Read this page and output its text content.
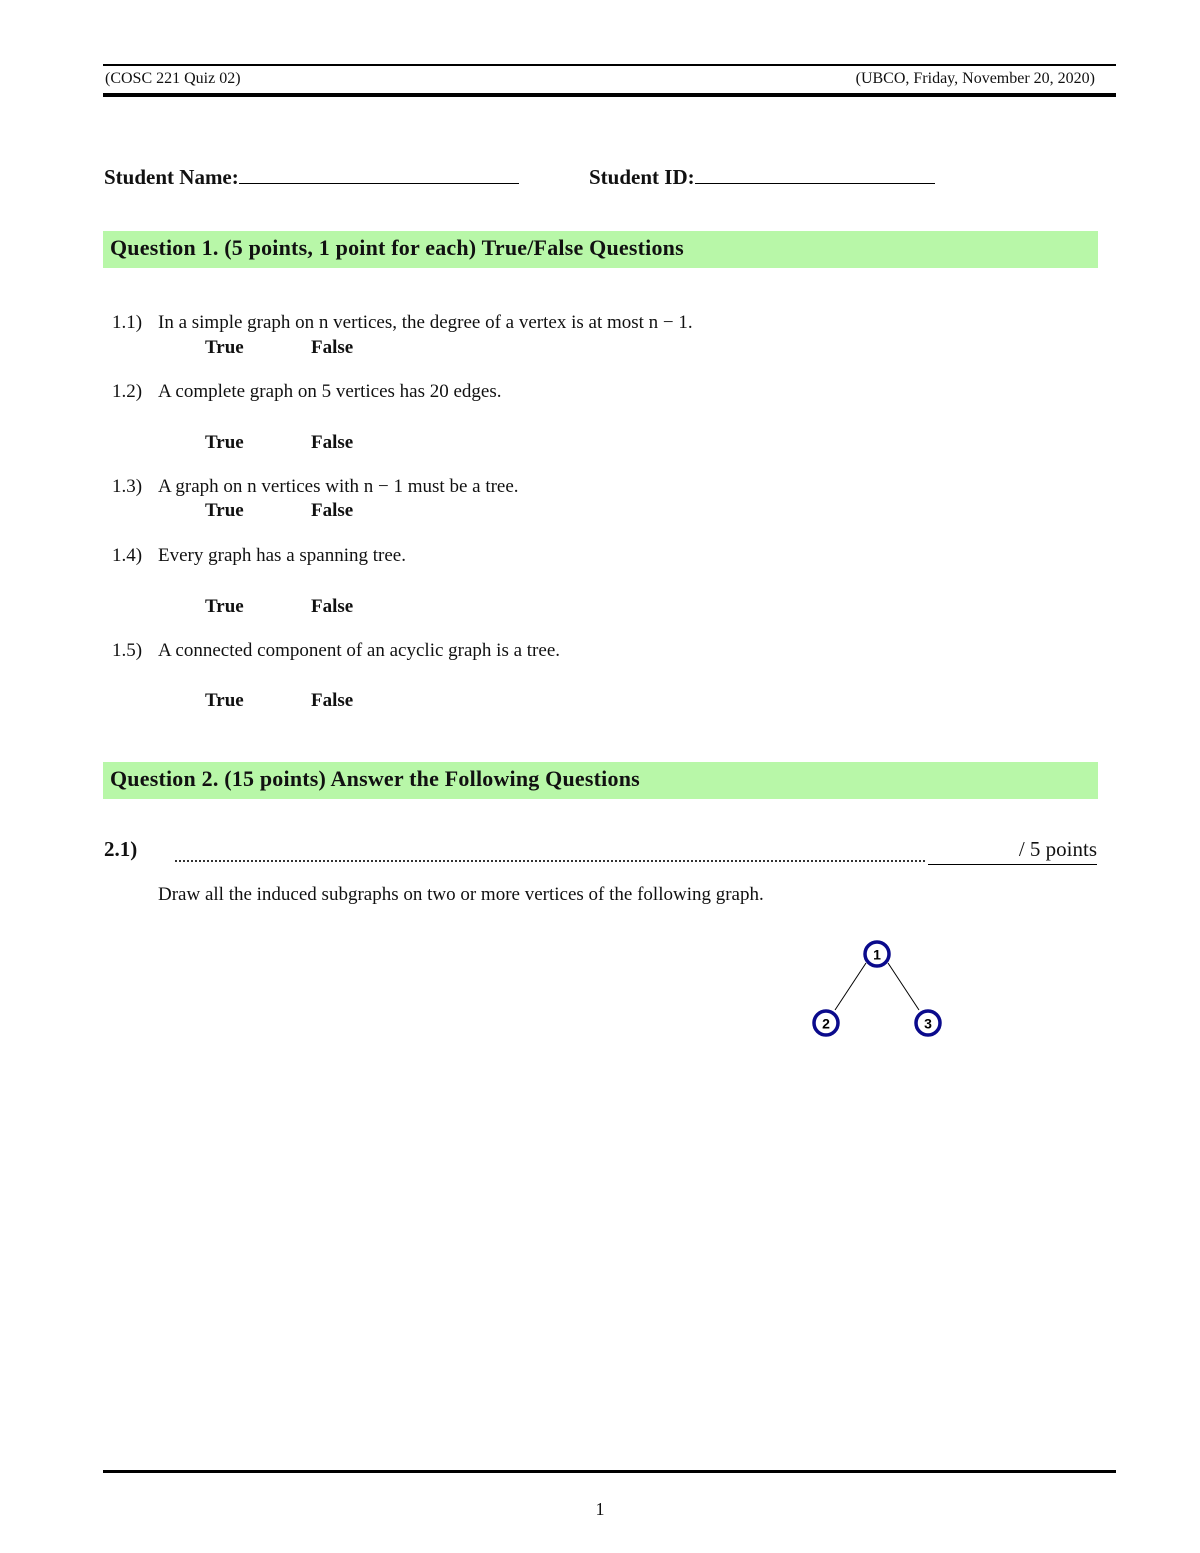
(COSC 221 Quiz 02)	(UBCO, Friday, November 20, 2020)
Student Name:	Student ID:
Question 1. (5 points, 1 point for each) True/False Questions
1.1) In a simple graph on n vertices, the degree of a vertex is at most n − 1.
True	False
1.2) A complete graph on 5 vertices has 20 edges.
True	False
1.3) A graph on n vertices with n − 1 must be a tree.
True	False
1.4) Every graph has a spanning tree.
True	False
1.5) A connected component of an acyclic graph is a tree.
True	False
Question 2. (15 points) Answer the Following Questions
2.1)	/ 5 points
Draw all the induced subgraphs on two or more vertices of the following graph.
1
2	3
1
